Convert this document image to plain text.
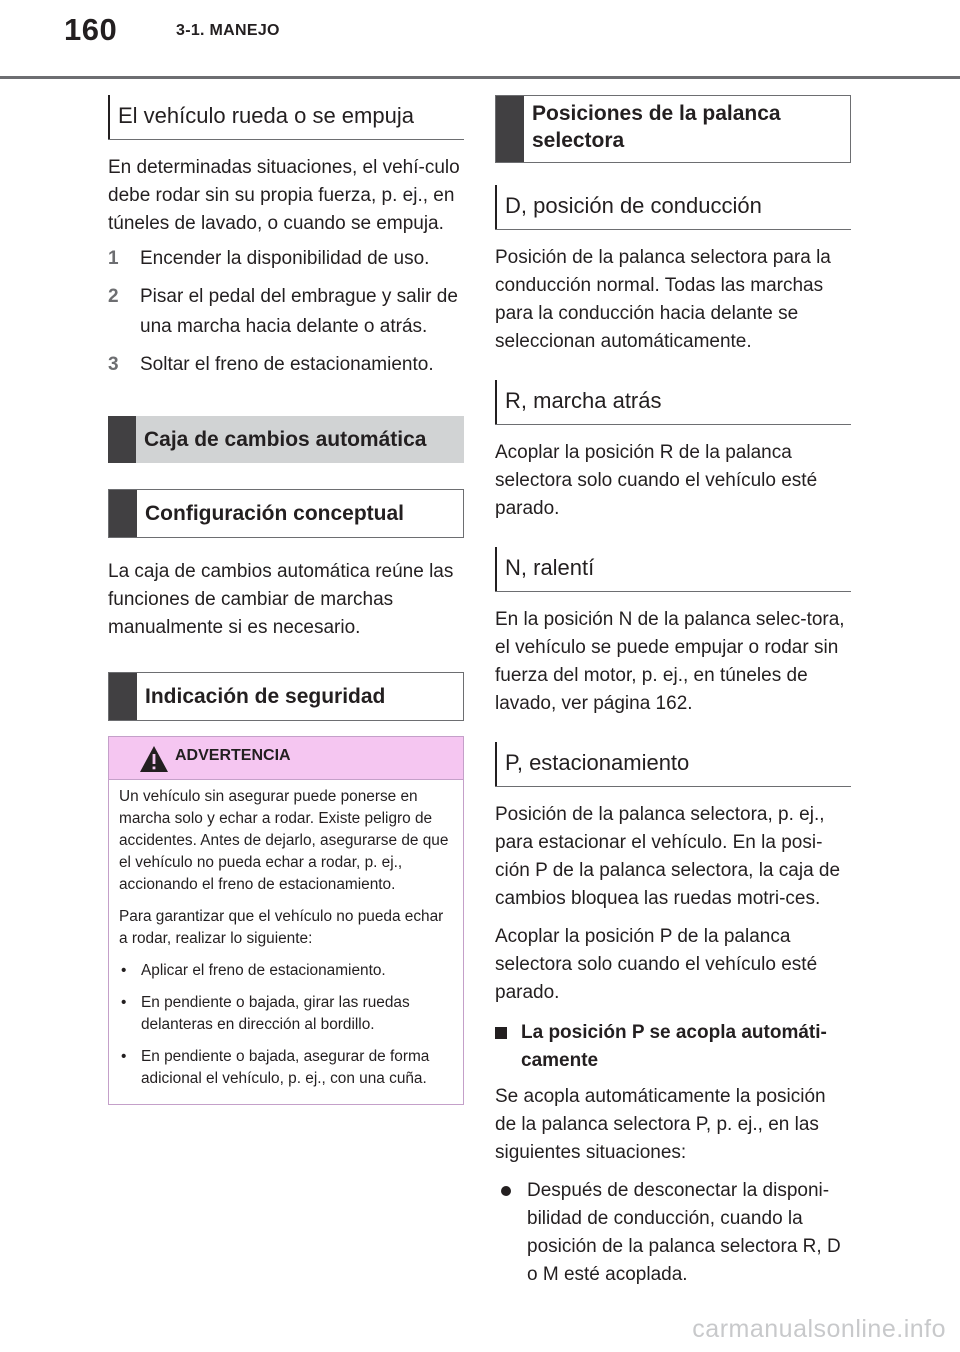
160	3-1. MANEJO
El vehículo rueda o se empuja

En determinadas situaciones, el vehí-culo debe rodar sin su propia fuerza, p. ej., en túneles de lavado, o cuando se empuja.

1	Encender la disponibilidad de uso.
2	Pisar el pedal del embrague y salir de una marcha hacia delante o atrás.
3	Soltar el freno de estacionamiento.
Caja de cambios automática
Configuración conceptual

La caja de cambios automática reúne las funciones de cambiar de marchas manualmente si es necesario.

Indicación de seguridad
ADVERTENCIA

Un vehículo sin asegurar puede ponerse en marcha solo y echar a rodar. Existe peligro de accidentes. Antes de dejarlo, asegurarse de que el vehículo no pueda echar a rodar, p. ej., accionando el freno de estacionamiento.

Para garantizar que el vehículo no pueda echar a rodar, realizar lo siguiente:

• Aplicar el freno de estacionamiento.
• En pendiente o bajada, girar las ruedas delanteras en dirección al bordillo.
• En pendiente o bajada, asegurar de forma adicional el vehículo, p. ej., con una cuña.
Posiciones de la palanca selectora
D, posición de conducción

Posición de la palanca selectora para la conducción normal. Todas las marchas para la conducción hacia delante se seleccionan automáticamente.

R, marcha atrás

Acoplar la posición R de la palanca selectora solo cuando el vehículo esté parado.

N, ralentí

En la posición N de la palanca selec-tora, el vehículo se puede empujar o rodar sin fuerza del motor, p. ej., en túneles de lavado, ver página 162.

P, estacionamiento

Posición de la palanca selectora, p. ej., para estacionar el vehículo. En la posi-ción P de la palanca selectora, la caja de cambios bloquea las ruedas motri-ces.

Acoplar la posición P de la palanca selectora solo cuando el vehículo esté parado.

La posición P se acopla automáti-camente

Se acopla automáticamente la posición de la palanca selectora P, p. ej., en las siguientes situaciones:

Después de desconectar la disponi-bilidad de conducción, cuando la posición de la palanca selectora R, D o M esté acoplada.
carmanualsonline.info
